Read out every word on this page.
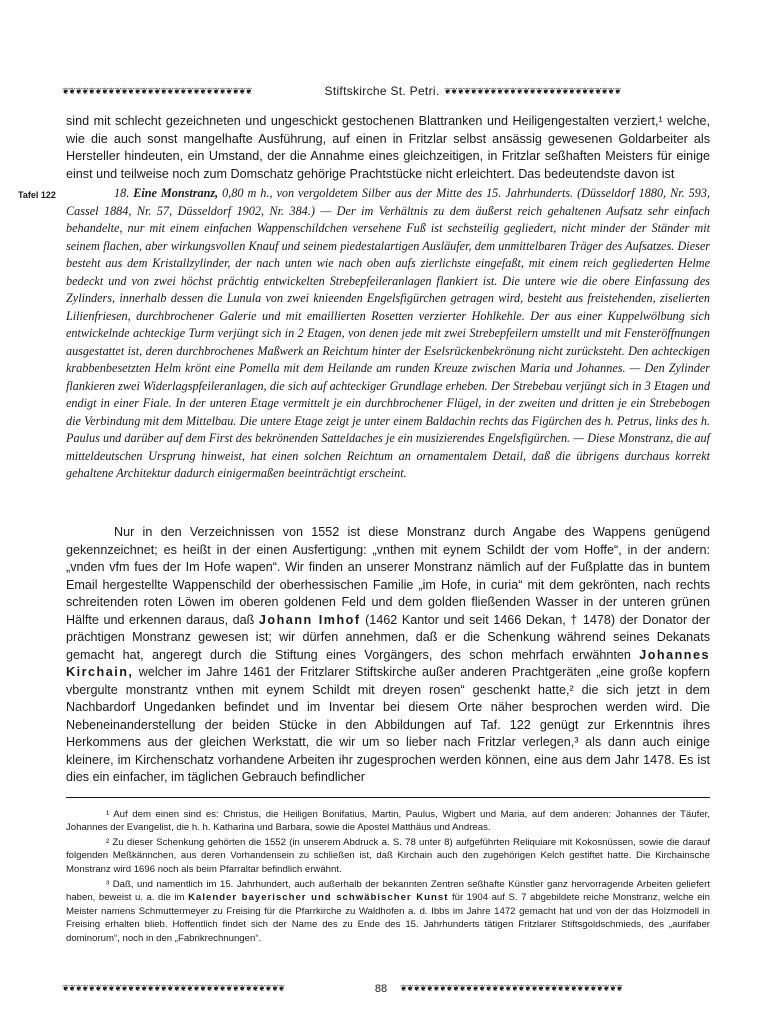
❦❦❦❦❦❦❦❦❦❦❦❦❦❦❦❦❦❦❦❦❦❦❦❦❦❦❦❦❦	Stiftskirche St. Petri. ❦❦❦❦❦❦❦❦❦❦❦❦❦❦❦❦❦❦❦❦❦❦❦❦❦❦❦

sind mit schlecht gezeichneten und ungeschickt gestochenen Blattranken und Heiligengestalten verziert,¹ welche, wie die auch sonst mangelhafte Ausführung, auf einen in Fritzlar selbst ansässig gewesenen Goldarbeiter als Hersteller hindeuten, ein Umstand, der die Annahme eines gleichzeitigen, in Fritzlar seßhaften Meisters für einige einst und teilweise noch zum Domschatz gehörige Prachtstücke nicht erleichtert. Das bedeutendste davon ist

Tafel 122	18. Eine Monstranz, 0,80 m h., von vergoldetem Silber aus der Mitte des 15. Jahrhunderts. (Düsseldorf 1880, Nr. 593, Cassel 1884, Nr. 57, Düsseldorf 1902, Nr. 384.) — Der im Verhältnis zu dem äußerst reich gehaltenen Aufsatz sehr einfach behandelte, nur mit einem einfachen Wappenschildchen versehene Fuß ist sechsteilig gegliedert, nicht minder der Ständer mit seinem flachen, aber wirkungsvollen Knauf und seinem piedestalartigen Ausläufer, dem unmittelbaren Träger des Aufsatzes. Dieser besteht aus dem Kristallzylinder, der nach unten wie nach oben aufs zierlichste eingefaßt, mit einem reich gegliederten Helme bedeckt und von zwei höchst prächtig entwickelten Strebepfeileranlagen flankiert ist. Die untere wie die obere Einfassung des Zylinders, innerhalb dessen die Lunula von zwei knieenden Engelsfigürchen getragen wird, besteht aus freistehenden, ziselierten Lilienfriesen, durchbrochener Galerie und mit emaillierten Rosetten verzierter Hohlkehle. Der aus einer Kuppelwölbung sich entwickelnde achteckige Turm verjüngt sich in 2 Etagen, von denen jede mit zwei Strebepfeilern umstellt und mit Fensteröffnungen ausgestattet ist, deren durchbrochenes Maßwerk an Reichtum hinter der Eselsrückenbekrönung nicht zurücksteht. Den achteckigen krabbenbesetzten Helm krönt eine Pomella mit dem Heilande am runden Kreuze zwischen Maria und Johannes. — Den Zylinder flankieren zwei Widerlagspfeileranlagen, die sich auf achteckiger Grundlage erheben. Der Strebebau verjüngt sich in 3 Etagen und endigt in einer Fiale. In der unteren Etage vermittelt je ein durchbrochener Flügel, in der zweiten und dritten je ein Strebebogen die Verbindung mit dem Mittelbau. Die untere Etage zeigt je unter einem Baldachin rechts das Figürchen des h. Petrus, links des h. Paulus und darüber auf dem First des bekrönenden Satteldaches je ein musizierendes Engelsfigürchen. — Diese Monstranz, die auf mitteldeutschen Ursprung hinweist, hat einen solchen Reichtum an ornamentalem Detail, daß die übrigens durchaus korrekt gehaltene Architektur dadurch einigermaßen beeinträchtigt erscheint.

Nur in den Verzeichnissen von 1552 ist diese Monstranz durch Angabe des Wappens genügend gekennzeichnet; es heißt in der einen Ausfertigung: „vnthen mit eynem Schildt der vom Hoffe“, in der andern: „vnden vfm fues der Im Hofe wapen“. Wir finden an unserer Monstranz nämlich auf der Fußplatte das in buntem Email hergestellte Wappenschild der oberhessischen Familie „im Hofe, in curia“ mit dem gekrönten, nach rechts schreitenden roten Löwen im oberen goldenen Feld und dem golden fließenden Wasser in der unteren grünen Hälfte und erkennen daraus, daß Johann Imhof (1462 Kantor und seit 1466 Dekan, † 1478) der Donator der prächtigen Monstranz gewesen ist; wir dürfen annehmen, daß er die Schenkung während seines Dekanats gemacht hat, angeregt durch die Stiftung eines Vorgängers, des schon mehrfach erwähnten Johannes Kirchain, welcher im Jahre 1461 der Fritzlarer Stiftskirche außer anderen Prachtgeräten „eine große kopfern vbergulte monstrantz vnthen mit eynem Schildt mit dreyen rosen“ geschenkt hatte,² die sich jetzt in dem Nachbardorf Ungedanken befindet und im Inventar bei diesem Orte näher besprochen werden wird. Die Nebeneinanderstellung der beiden Stücke in den Abbildungen auf Taf. 122 genügt zur Erkenntnis ihres Herkommens aus der gleichen Werkstatt, die wir um so lieber nach Fritzlar verlegen,³ als dann auch einige kleinere, im Kirchenschatz vorhandene Arbeiten ihr zugesprochen werden können, eine aus dem Jahr 1478. Es ist dies ein einfacher, im täglichen Gebrauch befindlicher

¹ Auf dem einen sind es: Christus, die Heiligen Bonifatius, Martin, Paulus, Wigbert und Maria, auf dem anderen: Johannes der Täufer, Johannes der Evangelist, die h. h. Katharina und Barbara, sowie die Apostel Matthäus und Andreas.

² Zu dieser Schenkung gehörten die 1552 (in unserem Abdruck a. S. 78 unter 8) aufgeführten Reliquiare mit Kokosnüssen, sowie die darauf folgenden Meßkännchen, aus deren Vorhandensein zu schließen ist, daß Kirchain auch den zugehörigen Kelch gestiftet hatte. Die Kirchainsche Monstranz wird 1696 noch als beim Pfarraltar befindlich erwähnt.

³ Daß, und namentlich im 15. Jahrhundert, auch außerhalb der bekannten Zentren seßhafte Künstler ganz hervorragende Arbeiten geliefert haben, beweist u. a. die im Kalender bayerischer und schwäbischer Kunst für 1904 auf S. 7 abgebildete reiche Monstranz, welche ein Meister namens Schmuttermeyer zu Freising für die Pfarrkirche zu Waldhofen a. d. Ibbs im Jahre 1472 gemacht hat und von der das Holzmodell in Freising erhalten blieb. Hoffentlich findet sich der Name des zu Ende des 15. Jahrhunderts tätigen Fritzlarer Stiftsgoldschmieds, des „aurifaber dominorum“, noch in den „Fabrikrechnungen“.

❦❦❦❦❦❦❦❦❦❦❦❦❦❦❦❦❦❦❦❦❦❦❦❦❦❦❦❦❦❦❦❦❦❦	88	❦❦❦❦❦❦❦❦❦❦❦❦❦❦❦❦❦❦❦❦❦❦❦❦❦❦❦❦❦❦❦❦❦❦
